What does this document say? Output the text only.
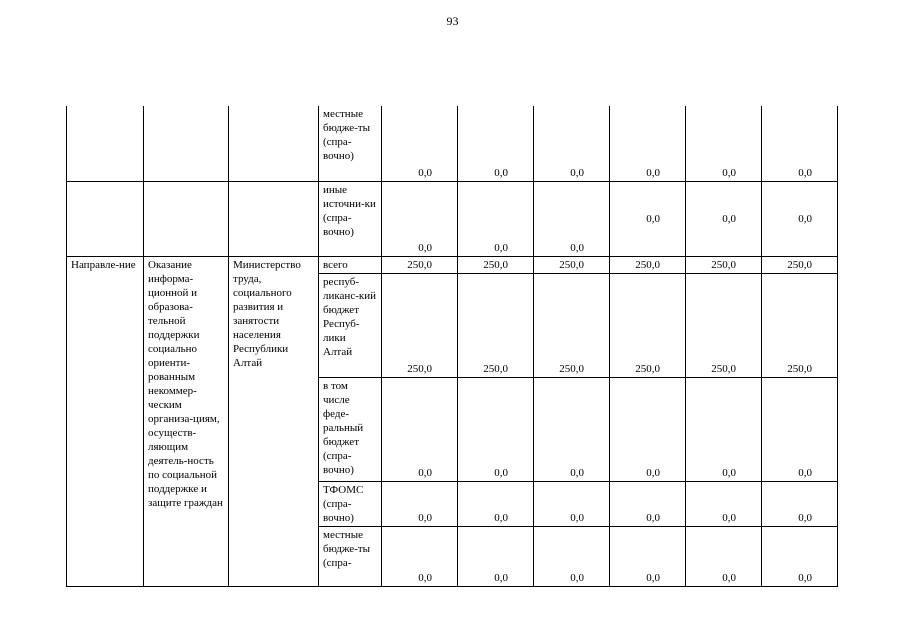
93
			местные бюдже-ты (спра-вочно)	0,0	0,0	0,0	0,0	0,0	0,0
			иные источни-ки (спра-вочно)	0,0	0,0	0,0	0,0	0,0	0,0
Направле-ние	Оказание информа-ционной и образова-тельной поддержки социально ориенти-рованным некоммер-ческим организа-циям, осуществ-ляющим деятель-ность по социальной поддержке и защите граждан	Министерство труда, социального развития и занятости населения Республики Алтай	всего	250,0	250,0	250,0	250,0	250,0	250,0
			респуб-ликанс-кий бюджет Респуб-лики Алтай	250,0	250,0	250,0	250,0	250,0	250,0
			в том числе феде-ральный бюджет (спра-вочно)	0,0	0,0	0,0	0,0	0,0	0,0
			ТФОМС (спра-вочно)	0,0	0,0	0,0	0,0	0,0	0,0
			местные бюдже-ты (спра-	0,0	0,0	0,0	0,0	0,0	0,0
